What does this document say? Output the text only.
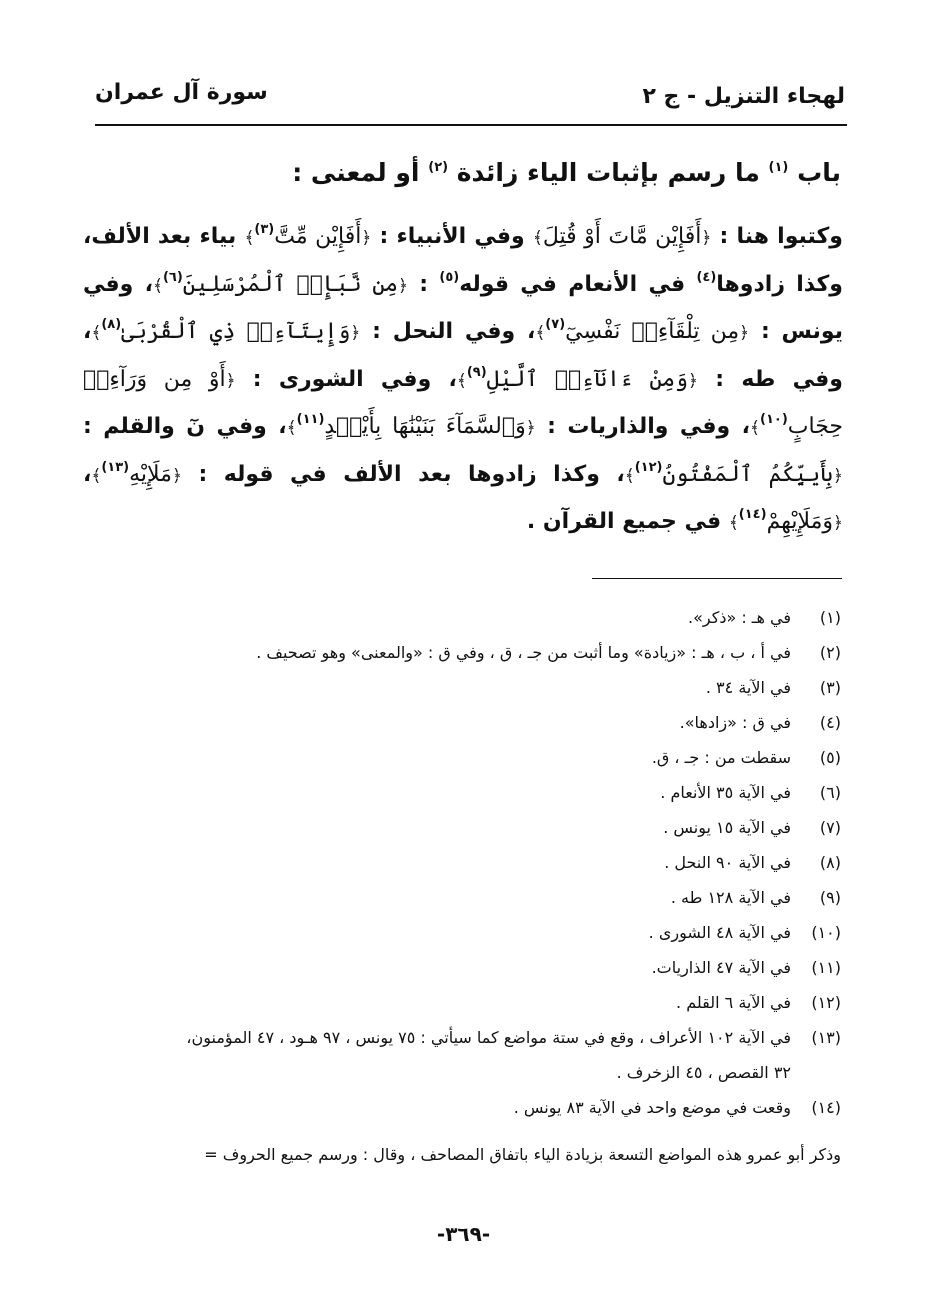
لهجاء التنزيل - ج ٢
سورة آل عمران
باب $^{(١)}$ ما رسم بإثبات الياء زائدة $^{(٢)}$ أو لمعنى :
وكتبوا هنا : ﴿أَفَإِيْن مَّاتَ أَوْ قُتِلَ﴾ وفي الأنبياء : ﴿أَفَإِيْن مِّتَّ$^{(٣)}$﴾ بياء بعد الألف، وكذا زادوها$^{(٤)}$ في الأنعام في قوله$^{(٥)}$ : ﴿مِن نَّبَإِي۟ ٱلْمُرْسَلِينَ$^{(٦)}$﴾، وفي يونس : ﴿مِن تِلْقَآءِي۟ نَفْسِيٓ$^{(٧)}$﴾، وفي النحل : ﴿وَإِيتَآءِي۟ ذِي ٱلْقُرْبَىٰ$^{(٨)}$﴾، وفي طه : ﴿وَمِنْ ءَانَآءِي۟ ٱلَّيْلِ$^{(٩)}$﴾، وفي الشورى : ﴿أَوْ مِن وَرَآءِي۟ حِجَابٍ$^{(١٠)}$﴾، وفي والذاريات : ﴿وَٱلسَّمَآءَ بَنَيْنَٰهَا بِأَيْي۟دٍ$^{(١١)}$﴾، وفي نٓ والقلم : ﴿بِأَييِّكُمُ ٱلْمَفْتُونُ$^{(١٢)}$﴾، وكذا زادوها بعد الألف في قوله : ﴿مَلَإِيْهِ$^{(١٣)}$﴾، ﴿وَمَلَإِيْهِمْ$^{(١٤)}$﴾ في جميع القرآن .
(١)في هـ : «ذكر».
(٢)في أ ، ب ، هـ : «زيادة» وما أثبت من جـ ، ق ، وفي ق : «والمعنى» وهو تصحيف .
(٣)في الآية ٣٤ .
(٤)في ق : «زادها».
(٥)سقطت من : جـ ، ق.
(٦)في الآية ٣٥ الأنعام .
(٧)في الآية ١٥ يونس .
(٨)في الآية ٩٠ النحل .
(٩)في الآية ١٢٨ طه .
(١٠)في الآية ٤٨ الشورى .
(١١)في الآية ٤٧ الذاريات.
(١٢)في الآية ٦ القلم .
(١٣)في الآية ١٠٢ الأعراف ، وقع في ستة مواضع كما سيأتي : ٧٥ يونس ، ٩٧ هـود ، ٤٧ المؤمنون،
٣٢ القصص ، ٤٥ الزخرف .
(١٤)وقعت في موضع واحد في الآية ٨٣ يونس .
وذكر أبو عمرو هذه المواضع التسعة بزيادة الياء باتفاق المصاحف ، وقال : ورسم جميع الحروف =
-٣٦٩-
